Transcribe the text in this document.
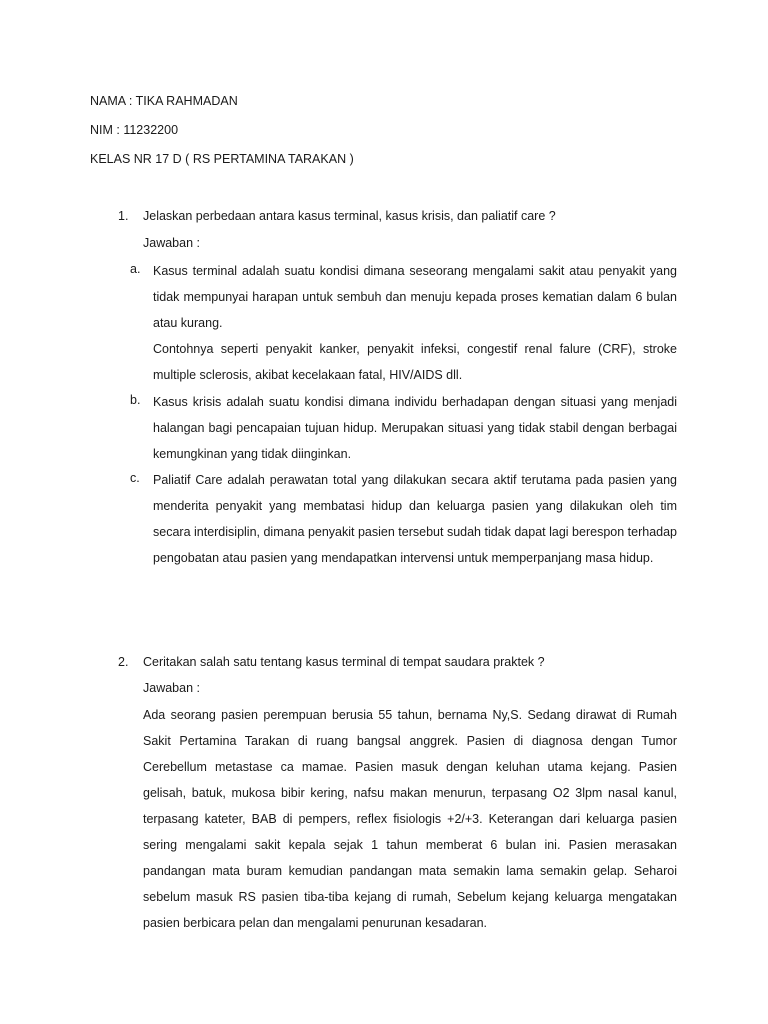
NAMA : TIKA RAHMADAN
NIM : 11232200
KELAS NR 17 D ( RS PERTAMINA TARAKAN )
1. Jelaskan perbedaan antara kasus terminal, kasus krisis, dan paliatif care ?
Jawaban :
a. Kasus terminal adalah suatu kondisi dimana seseorang mengalami sakit atau penyakit yang tidak mempunyai harapan untuk sembuh dan menuju kepada proses kematian dalam 6 bulan atau kurang.
Contohnya seperti penyakit kanker, penyakit infeksi, congestif renal falure (CRF), stroke multiple sclerosis, akibat kecelakaan fatal, HIV/AIDS dll.
b. Kasus krisis adalah suatu kondisi dimana individu berhadapan dengan situasi yang menjadi halangan bagi pencapaian tujuan hidup. Merupakan situasi yang tidak stabil dengan berbagai kemungkinan yang tidak diinginkan.
c. Paliatif Care adalah perawatan total yang dilakukan secara aktif terutama pada pasien yang menderita penyakit yang membatasi hidup dan keluarga pasien yang dilakukan oleh tim secara interdisiplin, dimana penyakit pasien tersebut sudah tidak dapat lagi berespon terhadap pengobatan atau pasien yang mendapatkan intervensi untuk memperpanjang masa hidup.
2. Ceritakan salah satu tentang kasus terminal di tempat saudara praktek ?
Jawaban :
Ada seorang pasien perempuan berusia 55 tahun, bernama Ny,S. Sedang dirawat di Rumah Sakit Pertamina Tarakan di ruang bangsal anggrek. Pasien di diagnosa dengan Tumor Cerebellum metastase ca mamae. Pasien masuk dengan keluhan utama kejang. Pasien gelisah, batuk, mukosa bibir kering, nafsu makan menurun, terpasang O2 3lpm nasal kanul, terpasang kateter, BAB di pempers, reflex fisiologis +2/+3. Keterangan dari keluarga pasien sering mengalami sakit kepala sejak 1 tahun memberat 6 bulan ini. Pasien merasakan pandangan mata buram kemudian pandangan mata semakin lama semakin gelap. Seharoi sebelum masuk RS pasien tiba-tiba kejang di rumah, Sebelum kejang keluarga mengatakan pasien berbicara pelan dan mengalami penurunan kesadaran.
